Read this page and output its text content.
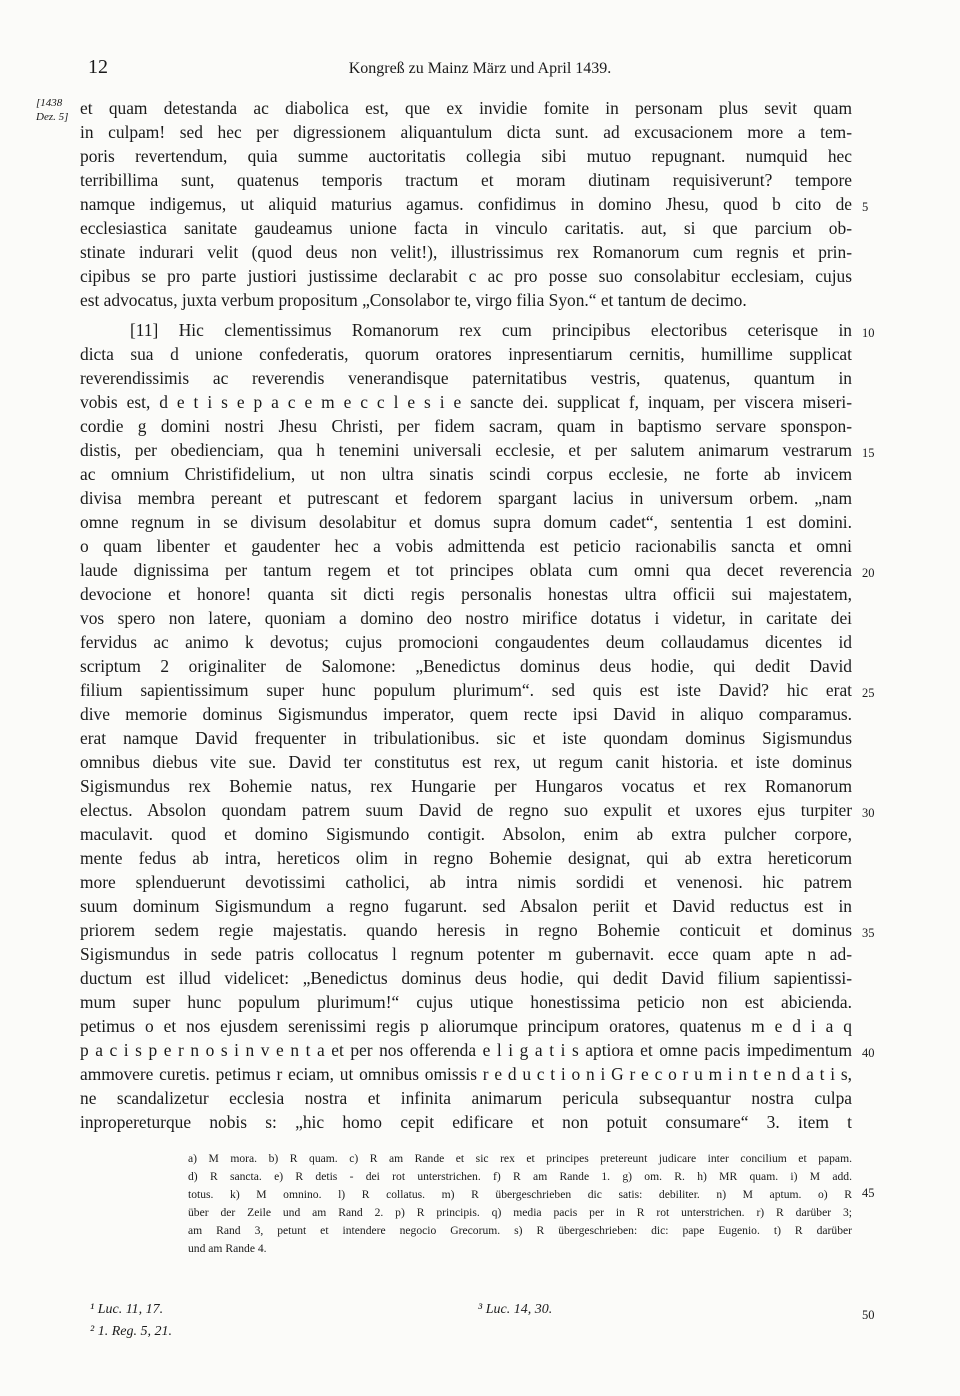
12	Kongreß zu Mainz März und April 1439.
[1438
Dez. 5] et quam detestanda ac diabolica est, que ex invidie fomite in personam plus sevit quam
in culpam! sed hec per digressionem aliquantulum dicta sunt. ad excusacionem more a tem-
poris revertendum, quia summe auctoritatis collegia sibi mutuo repugnant. numquid hec
terribillima sunt, quatenus temporis tractum et moram diutinam requisiverunt? tempore
namque indigemus, ut aliquid maturius agamus. confidimus in domino Jhesu, quod b cito de
ecclesiastica sanitate gaudeamus unione facta in vinculo caritatis. aut, si que parcium ob-
stinate indurari velit (quod deus non velit!), illustrissimus rex Romanorum cum regnis et prin-
cipibus se pro parte justiori justissime declarabit c ac pro posse suo consolabitur ecclesiam, cujus
est advocatus, juxta verbum propositum „Consolabor te, virgo filia Syon.“ et tantum de decimo.
[11] Hic clementissimus Romanorum rex cum principibus electoribus ceterisque in
dicta sua d unione confederatis, quorum oratores inpresentiarum cernitis, humillime supplicat
reverendissimis ac reverendis venerandisque paternitatibus vestris, quatenus, quantum in
vobis est, d e t i s e p a c e m e c c l e s i e sancte dei. supplicat f, inquam, per viscera miseri-
cordie g domini nostri Jhesu Christi, per fidem sacram, quam in baptismo servare sponspon-
distis, per obedienciam, qua h tenemini universali ecclesie, et per salutem animarum vestrarum
ac omnium Christifidelium, ut non ultra sinatis scindi corpus ecclesie, ne forte ab invicem
divisa membra pereant et putrescant et fedorem spargant lacius in universum orbem. „nam
omne regnum in se divisum desolabitur et domus supra domum cadet“, sententia 1 est domini.
o quam libenter et gaudenter hec a vobis admittenda est peticio racionabilis sancta et omni
laude dignissima per tantum regem et tot principes oblata cum omni qua decet reverencia
devocione et honore! quanta sit dicti regis personalis honestas ultra officii sui majestatem,
vos spero non latere, quoniam a domino deo nostro mirifice dotatus i videtur, in caritate dei
fervidus ac animo k devotus; cujus promocioni congaudentes deum collaudamus dicentes id
scriptum 2 originaliter de Salomone: „Benedictus dominus deus hodie, qui dedit David
filium sapientissimum super hunc populum plurimum“. sed quis est iste David? hic erat
dive memorie dominus Sigismundus imperator, quem recte ipsi David in aliquo comparamus.
erat namque David frequenter in tribulationibus. sic et iste quondam dominus Sigismundus
omnibus diebus vite sue. David ter constitutus est rex, ut regum canit historia. et iste dominus
Sigismundus rex Bohemie natus, rex Hungarie per Hungaros vocatus et rex Romanorum
electus. Absolon quondam patrem suum David de regno suo expulit et uxores ejus turpiter
maculavit. quod et domino Sigismundo contigit. Absolon, enim ab extra pulcher corpore,
mente fedus ab intra, hereticos olim in regno Bohemie designat, qui ab extra hereticorum
more splenduerunt devotissimi catholici, ab intra nimis sordidi et venenosi. hic patrem
suum dominum Sigismundum a regno fugarunt. sed Absalon periit et David reductus est in
priorem sedem regie majestatis. quando heresis in regno Bohemie conticuit et dominus
Sigismundus in sede patris collocatus l regnum potenter m gubernavit. ecce quam apte n ad-
ductum est illud videlicet: „Benedictus dominus deus hodie, qui dedit David filium sapientissi-
mum super hunc populum plurimum!“ cujus utique honestissima peticio non est abicienda.
petimus o et nos ejusdem serenissimi regis p aliorumque principum oratores, quatenus m e d i a q
p a c i s p e r n o s i n v e n t a et per nos offerenda e l i g a t i s aptiora et omne pacis impedimentum
ammovere curetis. petimus r eciam, ut omnibus omissis r e d u c t i o n i G r e c o r u m i n t e n d a t i s,
ne scandalizetur ecclesia nostra et infinita animarum pericula subsequantur nostra culpa
inpropereturque nobis s: „hic homo cepit edificare et non potuit consumare“ 3. item t
5
10
15
20
25
30
35
40
45
50
a) M mora. b) R quam. c) R am Rande et sic rex et principes pretereunt judicare inter concilium et papam.
d) R sancta. e) R detis - dei rot unterstrichen. f) R am Rande 1. g) om. R. h) MR quam. i) M add.
totus. k) M omnino. l) R collatus. m) R übergeschrieben dic satis: debiliter. n) M aptum. o) R
über der Zeile und am Rand 2. p) R principis. q) media pacis per in R rot unterstrichen. r) R darüber 3;
am Rand 3, petunt et intendere negocio Grecorum. s) R übergeschrieben: dic: pape Eugenio. t) R darüber
und am Rande 4.
¹ Luc. 11, 17.
² 1. Reg. 5, 21.
³ Luc. 14, 30.
